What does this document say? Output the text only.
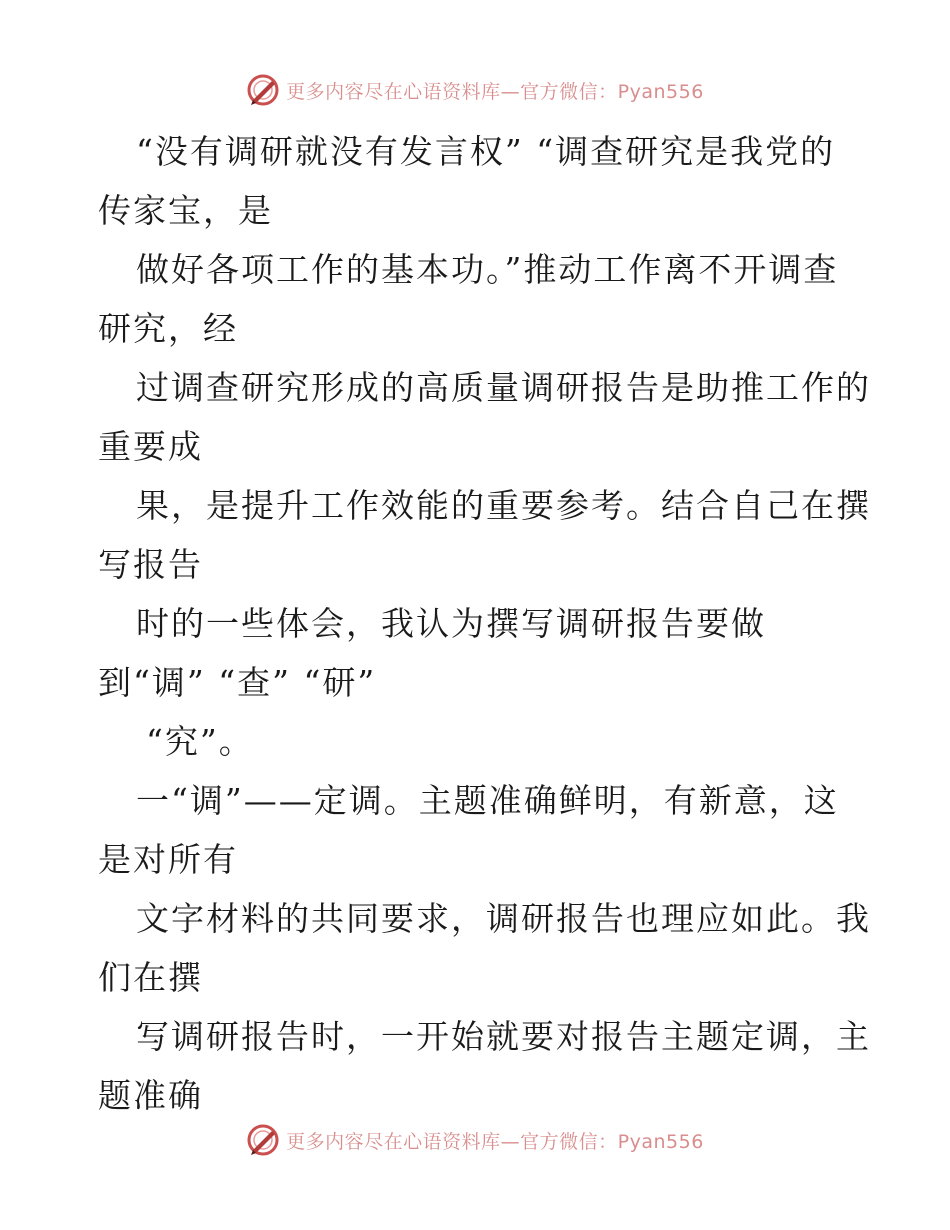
更多内容尽在心语资料库—官方微信：Pyan556
“没有调研就没有发言权” “调查研究是我党的
传家宝，是
做好各项工作的基本功。”推动工作离不开调查
研究，经
过调查研究形成的高质量调研报告是助推工作的
重要成
果，是提升工作效能的重要参考。结合自己在撰
写报告
时的一些体会，我认为撰写调研报告要做
到“调” “查” “研”
“究”。
一“调”——定调。主题准确鲜明，有新意，这
是对所有
文字材料的共同要求，调研报告也理应如此。我
们在撰
写调研报告时，一开始就要对报告主题定调，主
题准确
更多内容尽在心语资料库—官方微信：Pyan556
